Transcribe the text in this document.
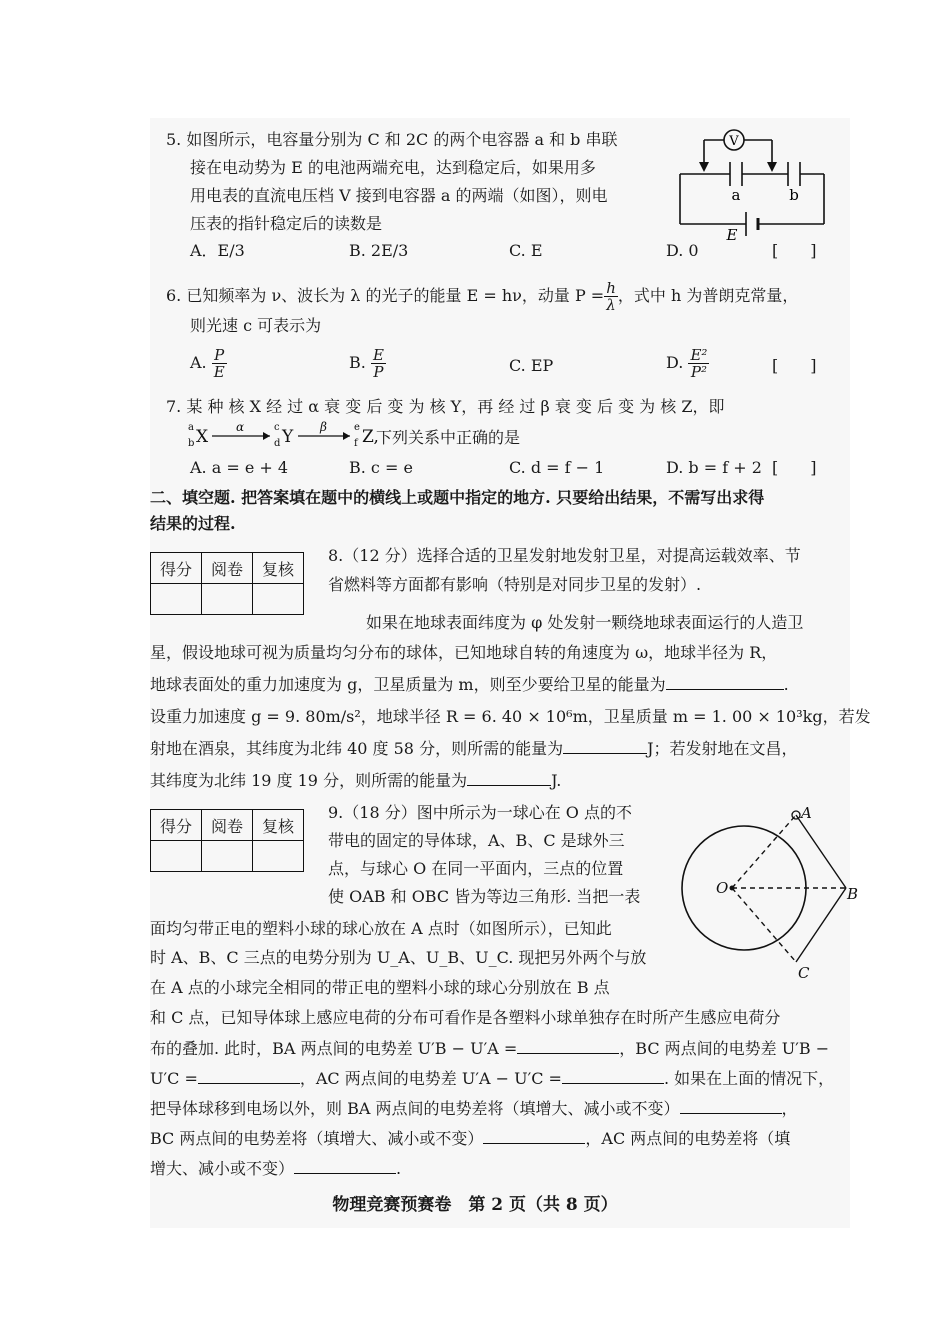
5. 如图所示，电容量分别为 C 和 2C 的两个电容器 a 和 b 串联
接在电动势为 E 的电池两端充电，达到稳定后，如果用多
用电表的直流电压档 V 接到电容器 a 的两端（如图），则电
压表的指针稳定后的读数是
A．E/3	B. 2E/3	C. E	D. 0	[　　]
V
a	b
E
6. 已知频率为 ν、波长为 λ 的光子的能量 E = hν，动量 $P = \frac{h}{\lambda}$ ，式中 h 为普朗克常量，
则光速 c 可表示为
A. $\frac{P}{E}$	B. $\frac{E}{P}$	C. EP	D. $\frac{\text{E²}}{\text{P²}}$	[　　]
7. 某 种 核 X 经 过 α 衰 变 后 变 为 核 Y，再 经 过 β 衰 变 后 变 为 核 Z，即
a
b
c
d
e
f
X	Y	Z,
α	β
下列关系中正确的是
A. a = e + 4	B. c = e	C. d = f − 1	D. b = f + 2 [　　]
二、填空题. 把答案填在题中的横线上或题中指定的地方. 只要给出结果，不需写出求得
结果的过程.
得分	阅卷	复核

8.（12 分）选择合适的卫星发射地发射卫星，对提高运载效率、节
省燃料等方面都有影响（特别是对同步卫星的发射）.
如果在地球表面纬度为 φ 处发射一颗绕地球表面运行的人造卫
星，假设地球可视为质量均匀分布的球体，已知地球自转的角速度为 ω，地球半径为 R，
地球表面处的重力加速度为 g，卫星质量为 m，则至少要给卫星的能量为	.
设重力加速度 g = 9. 80m/s²，地球半径 R = 6. 40 × 10⁶m，卫星质量 m = 1. 00 × 10³kg，若发
射地在酒泉，其纬度为北纬 40 度 58 分，则所需的能量为	J；若发射地在文昌，
其纬度为北纬 19 度 19 分，则所需的能量为	J.
得分	阅卷	复核

9.（18 分）图中所示为一球心在 O 点的不
带电的固定的导体球，A、B、C 是球外三
点，与球心 O 在同一平面内，三点的位置
使 OAB 和 OBC 皆为等边三角形. 当把一表
面均匀带正电的塑料小球的球心放在 A 点时（如图所示），已知此
时 A、B、C 三点的电势分别为 U_A、U_B、U_C. 现把另外两个与放
在 A 点的小球完全相同的带正电的塑料小球的球心分别放在 B 点
和 C 点，已知导体球上感应电荷的分布可看作是各塑料小球单独存在时所产生感应电荷分
布的叠加. 此时，BA 两点间的电势差 U′B − U′A =	，BC 两点间的电势差 U′B −
U′C =	，AC 两点间的电势差 U′A − U′C =	. 如果在上面的情况下，
把导体球移到电场以外，则 BA 两点间的电势差将（填增大、减小或不变）	，
BC 两点间的电势差将（填增大、减小或不变）	，AC 两点间的电势差将（填
增大、减小或不变）	.
A
B
C
O
物理竞赛预赛卷　第 2 页（共 8 页）
